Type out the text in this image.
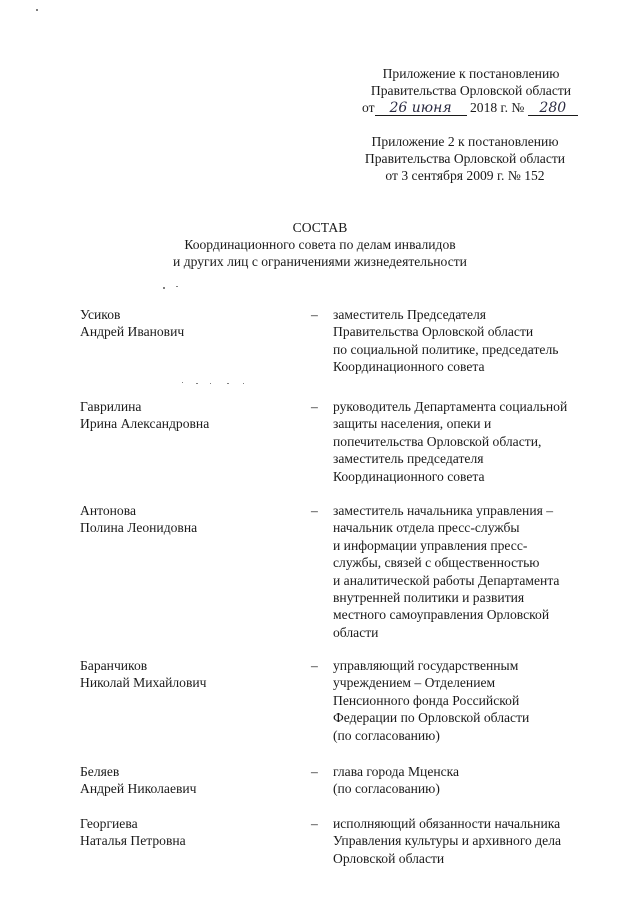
Приложение к постановлению
Правительства Орловской области
от 26 июня 2018 г. № 280
Приложение 2 к постановлению
Правительства Орловской области
от 3 сентября 2009 г. № 152
СОСТАВ
Координационного совета по делам инвалидов
и других лиц с ограничениями жизнедеятельности
Усиков
Андрей Иванович
–	заместитель Председателя
Правительства Орловской области
по социальной политике, председатель
Координационного совета
Гаврилина
Ирина Александровна
–	руководитель Департамента социальной
защиты населения, опеки и
попечительства Орловской области,
заместитель председателя
Координационного совета
Антонова
Полина Леонидовна
–	заместитель начальника управления –
начальник отдела пресс-службы
и информации управления пресс-
службы, связей с общественностью
и аналитической работы Департамента
внутренней политики и развития
местного самоуправления Орловской
области
Баранчиков
Николай Михайлович
–	управляющий государственным
учреждением – Отделением
Пенсионного фонда Российской
Федерации по Орловской области
(по согласованию)
Беляев
Андрей Николаевич
–	глава города Мценска
(по согласованию)
Георгиева
Наталья Петровна
–	исполняющий обязанности начальника
Управления культуры и архивного дела
Орловской области
